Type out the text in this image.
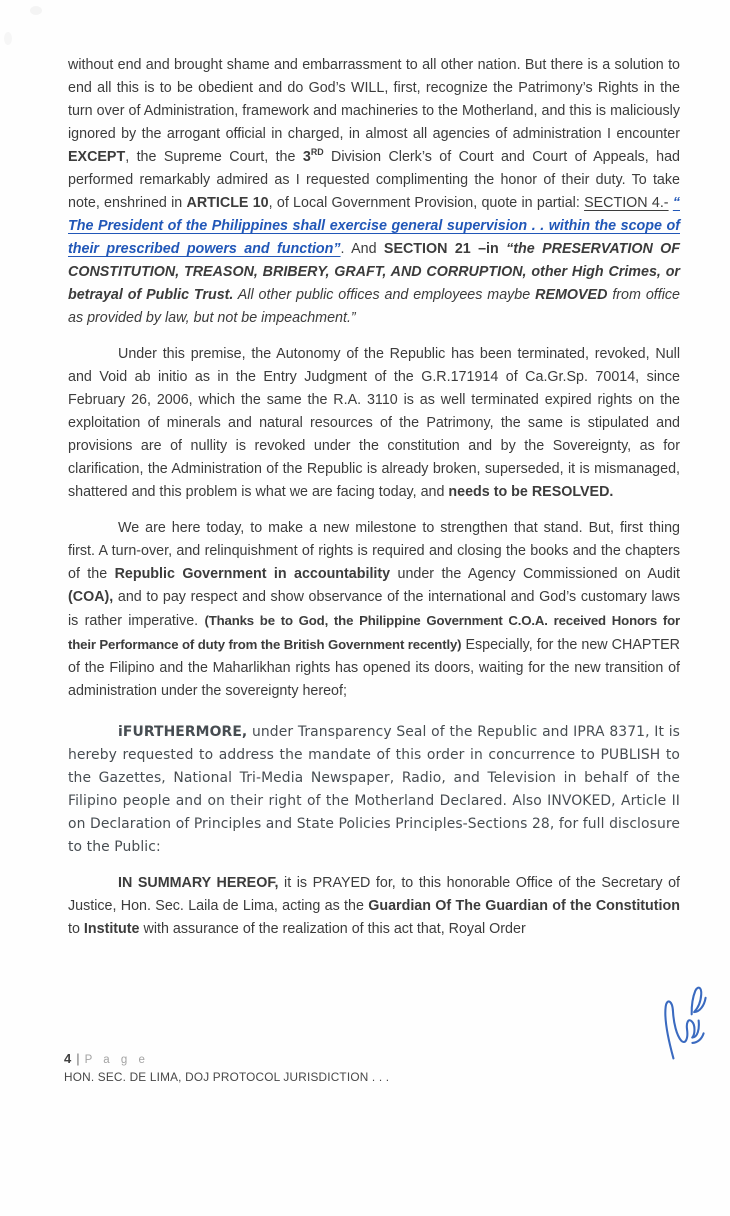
without end and brought shame and embarrassment to all other nation. But there is a solution to end all this is to be obedient and do God’s WILL, first, recognize the Patrimony’s Rights in the turn over of Administration, framework and machineries to the Motherland, and this is maliciously ignored by the arrogant official in charged, in almost all agencies of administration I encounter EXCEPT, the Supreme Court, the 3RD Division Clerk’s of Court and Court of Appeals, had performed remarkably admired as I requested complimenting the honor of their duty. To take note, enshrined in ARTICLE 10, of Local Government Provision, quote in partial: SECTION 4.- “ The President of the Philippines shall exercise general supervision . . within the scope of their prescribed powers and function”. And SECTION 21 –in “the PRESERVATION OF CONSTITUTION, TREASON, BRIBERY, GRAFT, AND CORRUPTION, other High Crimes, or betrayal of Public Trust. All other public offices and employees maybe REMOVED from office as provided by law, but not be impeachment.”

Under this premise, the Autonomy of the Republic has been terminated, revoked, Null and Void ab initio as in the Entry Judgment of the G.R.171914 of Ca.Gr.Sp. 70014, since February 26, 2006, which the same the R.A. 3110 is as well terminated expired rights on the exploitation of minerals and natural resources of the Patrimony, the same is stipulated and provisions are of nullity is revoked under the constitution and by the Sovereignty, as for clarification, the Administration of the Republic is already broken, superseded, it is mismanaged, shattered and this problem is what we are facing today, and needs to be RESOLVED.

We are here today, to make a new milestone to strengthen that stand. But, first thing first. A turn-over, and relinquishment of rights is required and closing the books and the chapters of the Republic Government in accountability under the Agency Commissioned on Audit (COA), and to pay respect and show observance of the international and God’s customary laws is rather imperative. (Thanks be to God, the Philippine Government C.O.A. received Honors for their Performance of duty from the British Government recently) Especially, for the new CHAPTER of the Filipino and the Maharlikhan rights has opened its doors, waiting for the new transition of administration under the sovereignty hereof;

iFURTHERMORE, under Transparency Seal of the Republic and IPRA 8371, It is hereby requested to address the mandate of this order in concurrence to PUBLISH to the Gazettes, National Tri-Media Newspaper, Radio, and Television in behalf of the Filipino people and on their right of the Motherland Declared. Also INVOKED, Article II on Declaration of Principles and State Policies Principles-Sections 28, for full disclosure to the Public:

IN SUMMARY HEREOF, it is PRAYED for, to this honorable Office of the Secretary of Justice, Hon. Sec. Laila de Lima, acting as the Guardian Of The Guardian of the Constitution to Institute with assurance of the realization of this act that, Royal Order

4 | P a g e
HON. SEC. DE LIMA, DOJ PROTOCOL JURISDICTION . . .
